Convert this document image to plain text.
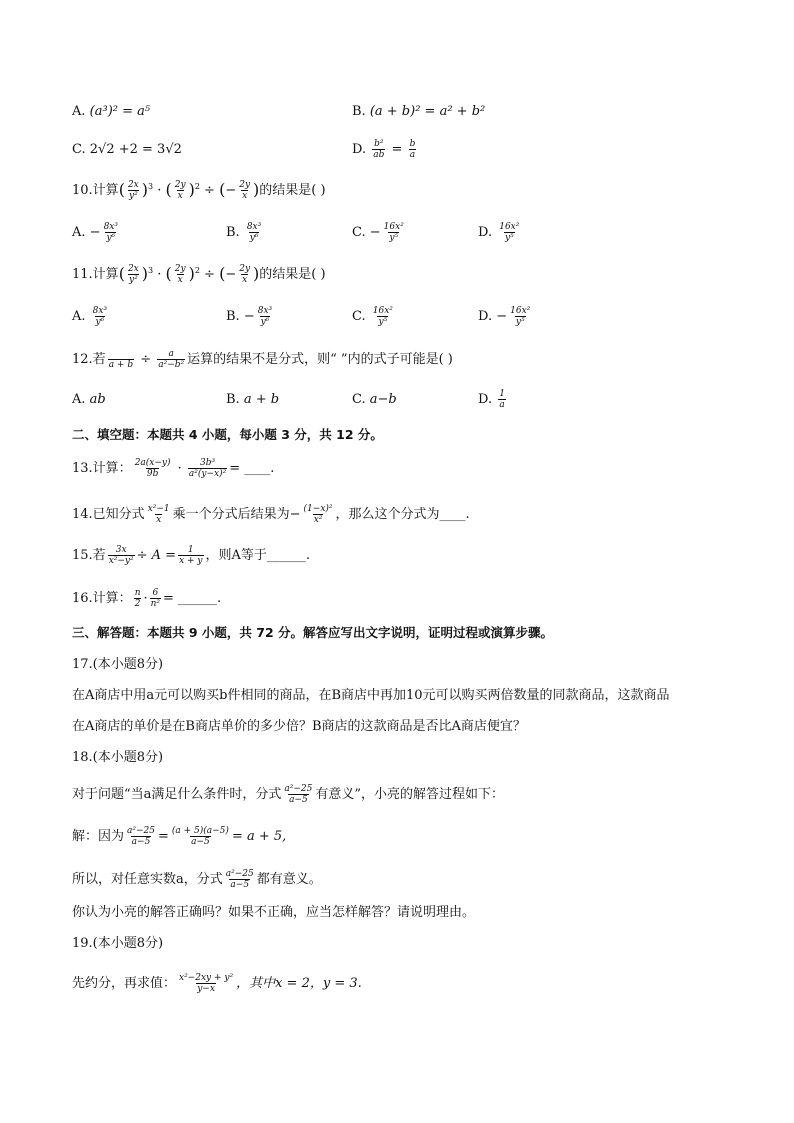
A. (a³)² = a⁵	B. (a + b)² = a² + b²
C. 2√2 +2 = 3√2	D. $\frac{\text{b²}}{ab} = \frac{b}{a}$
10.计算( $\frac{2x}{\text{y²}} )^3$ · ( $\frac{2y}{x} )^2$ ÷ (− $\frac{2y}{x}$ )的结果是( )
A. − $\frac{\text{8x³}}{\text{y⁶}}$	B. $\frac{\text{8x³}}{\text{y⁶}}$	C. − $\frac{\text{16x²}}{\text{y⁵}}$	D. $\frac{\text{16x²}}{\text{y⁵}}$
11.计算( $\frac{2x}{\text{y²}} )^3$ · ( $\frac{2y}{x} )^2$ ÷ (− $\frac{2y}{x}$ )的结果是( )
A. $\frac{\text{8x³}}{\text{y⁶}}$	B. − $\frac{\text{8x³}}{\text{y⁶}}$	C. $\frac{\text{16x²}}{\text{y⁵}}$	D. − $\frac{\text{16x²}}{\text{y⁵}}$
12.若
$a + b \div \frac{a}{\text{a²−b²}}$ 运算的结果不是分式，则“ ”内的式子可能是( )
A. ab	B. a + b	C. a−b	D. $\frac{1}{a}$
二、填空题：本题共 4 小题，每小题 3 分，共 12 分。
13.计算： $\frac{2a(x-y)}{9b} \cdot \frac{\text{3b³}}{\text{a²(y−x)²}}$ = ____.
14.已知分式 $\frac{\text{x²−1}}{x}$ 乘一个分式后结果为− $\frac{\text{(1−x)²}}{\text{x²}}$ ，那么这个分式为____.
15.若 $\frac{3x}{\text{x²−y²}} \div A = \frac{1}{x + y}$ ，则A等于______.
16.计算： $\frac{n}{2} \cdot \frac{6}{\text{n²}}$ = ______.
三、解答题：本题共 9 小题，共 72 分。解答应写出文字说明，证明过程或演算步骤。
17.(本小题8分)
在A商店中用a元可以购买b件相同的商品，在B商店中再加10元可以购买两倍数量的同款商品，这款商品
在A商店的单价是在B商店单价的多少倍？B商店的这款商品是否比A商店便宜？
18.(本小题8分)
对于问题“当a满足什么条件时，分式 $\frac{\text{a²−25}}{a-5}$ 有意义”，小亮的解答过程如下：
解：因为 $\frac{\text{a²−25}}{a-5} = \frac{(a + 5)(a-5)}{a-5} = a + 5$,
所以，对任意实数a，分式 $\frac{\text{a²−25}}{a-5}$ 都有意义。
你认为小亮的解答正确吗？如果不正确，应当怎样解答？请说明理由。
19.(本小题8分)
先约分，再求值： $\frac{\text{x²−2xy + y²}}{y-x}$ ，其中x = 2，y = 3.
